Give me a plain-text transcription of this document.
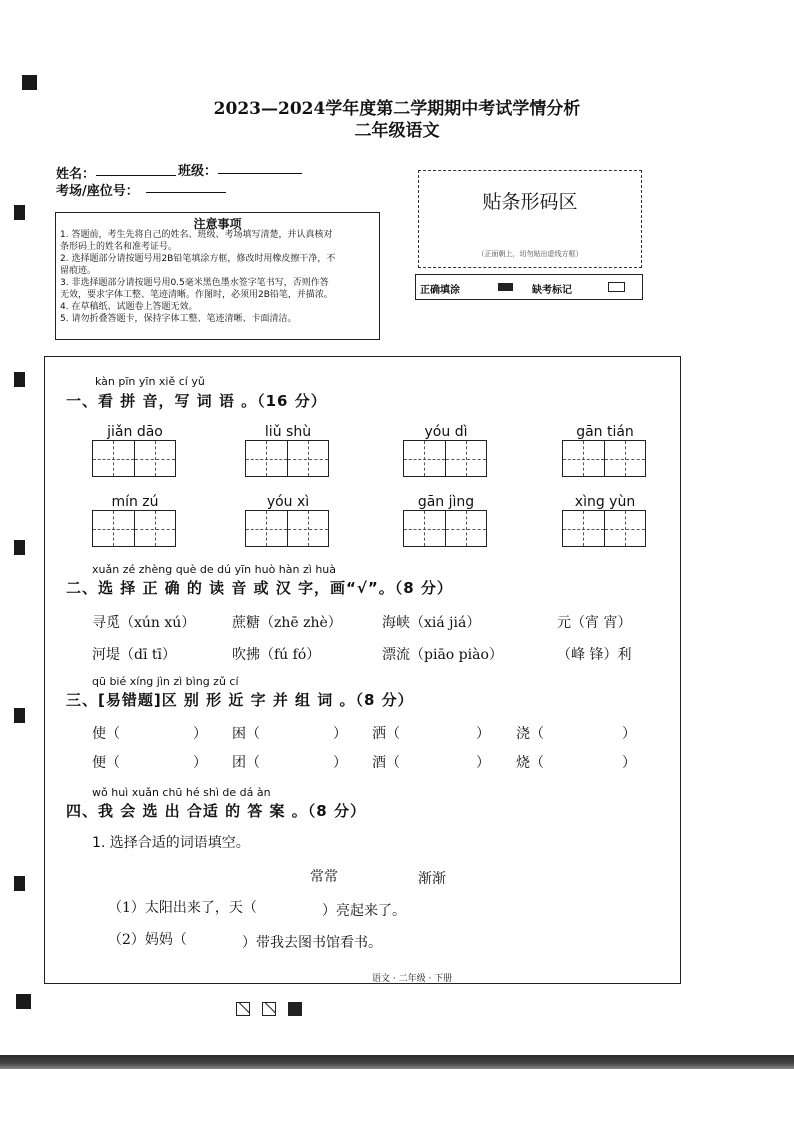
2023—2024学年度第二学期期中考试学情分析
二年级语文
姓名：	班级：
考场/座位号：
注意事项
1. 答题前，考生先将自己的姓名、班级、考场填写清楚，并认真核对
条形码上的姓名和准考证号。
2. 选择题部分请按题号用2B铅笔填涂方框，修改时用橡皮擦干净，不
留痕迹。
3. 非选择题部分请按题号用0.5毫米黑色墨水签字笔书写，否则作答
无效，要求字体工整、笔迹清晰。作图时，必须用2B铅笔，并描浓。
4. 在草稿纸、试题卷上答题无效。
5. 请勿折叠答题卡，保持字体工整、笔迹清晰、卡面清洁。
贴条形码区
（正面朝上，切勿贴出虚线方框）
正确填涂	缺考标记
kàn pīn yīn xiě cí yǔ
一、看 拼 音，写 词 语 。（16 分）
jiǎn dāo	liǔ shù	yóu dì	gān tián
mín zú	yóu xì	gān jìng	xìng yùn
xuǎn zé zhèng què de dú yīn huò hàn zì huà
二、选 择 正 确 的 读 音 或 汉 字，画“√”。（8 分）
寻觅（xún xú）	蔗糖（zhē zhè）	海峡（xiá jiá）	元（宵 宵）
河堤（dī tī）	吹拂（fú fó）	漂流（piāo piào）	（峰 锋）利
qū bié xíng jìn zì bìng zǔ cí
三、[易错题]区 别 形 近 字 并 组 词 。（8 分）
使（	） 困（	） 洒（	） 浇（	）
便（	） 团（	） 酒（	） 烧（	）
wǒ huì xuǎn chū hé shì de dá àn
四、我 会 选 出 合适 的 答 案 。（8 分）
1. 选择合适的词语填空。
常常	渐渐
（1）太阳出来了，天（	）亮起来了。
（2）妈妈（	）带我去图书馆看书。
语文 · 二年级 · 下册
